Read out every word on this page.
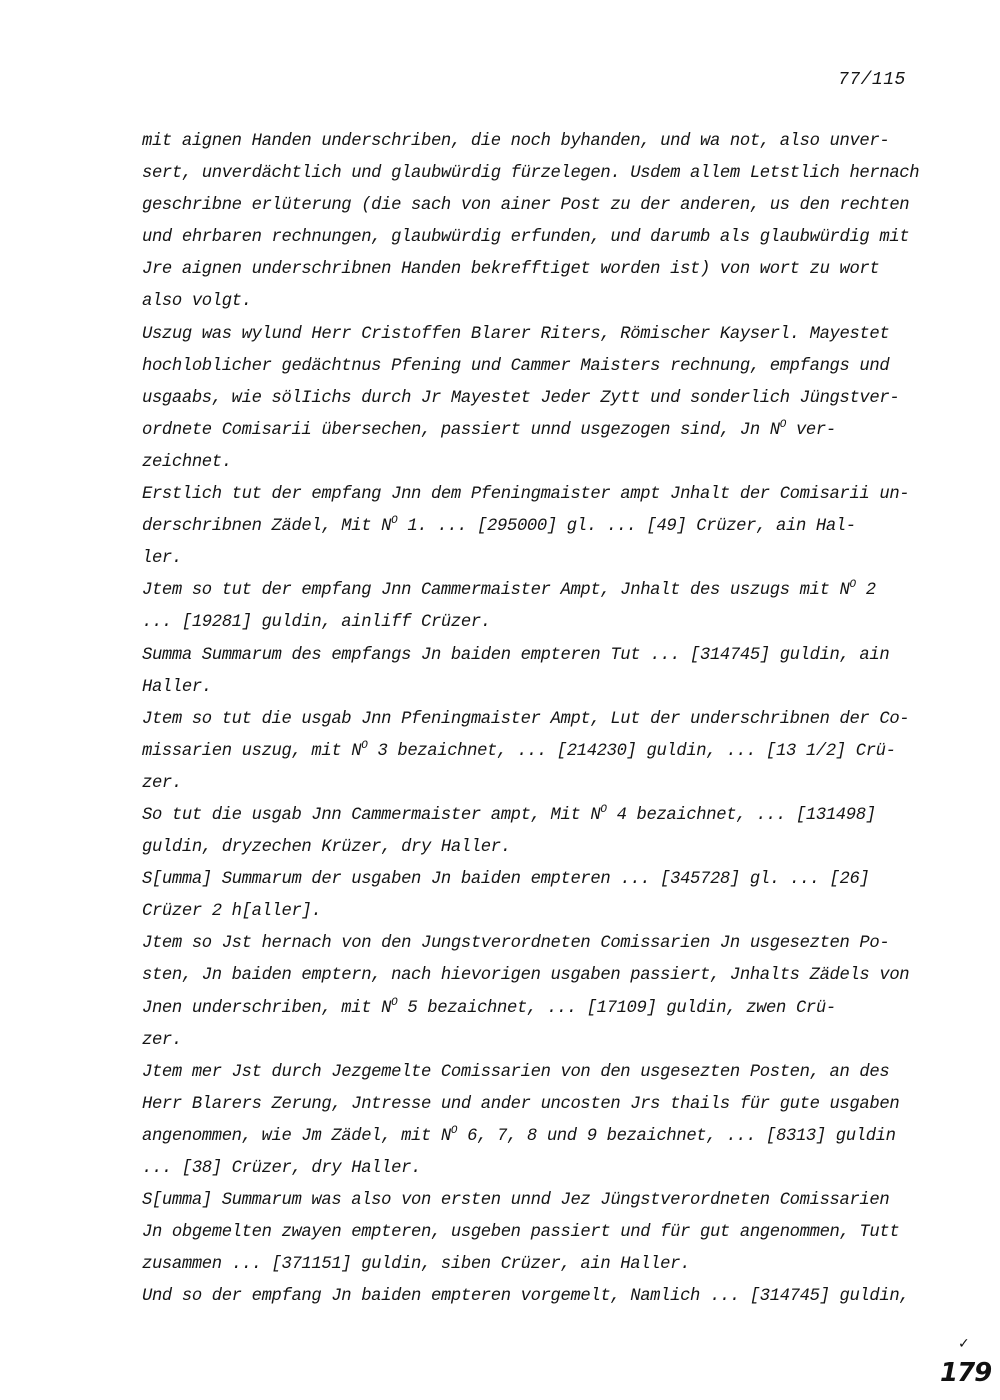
77/115
mit aignen Handen underschriben, die noch byhanden, und wa not, also unver-
sert, unverdächtlich und glaubwürdig fürzelegen. Usdem allem Letstlich hernach
geschribne erlüterung (die sach von ainer Post zu der anderen, us den rechten
und ehrbaren rechnungen, glaubwürdig erfunden, und darumb als glaubwürdig mit
Jre aignen underschribnen Handen bekrefftiget worden ist) von wort zu wort
also volgt.
Uszug was wylund Herr Cristoffen Blarer Riters, Römischer Kayserl. Mayestet
hochloblicher gedächtnus Pfening und Cammer Maisters rechnung, empfangs und
usgaabs, wie sölIichs durch Jr Mayestet Jeder Zytt und sonderlich Jüngstver-
ordnete Comisarii übersechen, passiert unnd usgezogen sind, Jn $N^O$ ver-
zeichnet.
Erstlich tut der empfang Jnn dem Pfeningmaister ampt Jnhalt der Comisarii un-
derschribnen Zädel, Mit $N^O$ 1. ... [295000] gl. ... [49] Crüzer, ain Hal-
ler.
Jtem so tut der empfang Jnn Cammermaister Ampt, Jnhalt des uszugs mit $N^O$ 2
... [19281] guldin, ainliff Crüzer.
Summa Summarum des empfangs Jn baiden empteren Tut ... [314745] guldin, ain
Haller.
Jtem so tut die usgab Jnn Pfeningmaister Ampt, Lut der underschribnen der Co-
missarien uszug, mit $N^O$ 3 bezaichnet, ... [214230] guldin, ... [13 1/2] Crü-
zer.
So tut die usgab Jnn Cammermaister ampt, Mit $N^O$ 4 bezaichnet, ... [131498]
guldin, dryzechen Krüzer, dry Haller.
S[umma] Summarum der usgaben Jn baiden empteren ... [345728] gl. ... [26]
Crüzer 2 h[aller].
Jtem so Jst hernach von den Jungstverordneten Comissarien Jn usgesezten Po-
sten, Jn baiden emptern, nach hievorigen usgaben passiert, Jnhalts Zädels von
Jnen underschriben, mit $N^O$ 5 bezaichnet, ... [17109] guldin, zwen Crü-
zer.
Jtem mer Jst durch Jezgemelte Comissarien von den usgesezten Posten, an des
Herr Blarers Zerung, Jntresse und ander uncosten Jrs thails für gute usgaben
angenommen, wie Jm Zädel, mit $N^O$ 6, 7, 8 und 9 bezaichnet, ... [8313] guldin
... [38] Crüzer, dry Haller.
S[umma] Summarum was also von ersten unnd Jez Jüngstverordneten Comissarien
Jn obgemelten zwayen empteren, usgeben passiert und für gut angenommen, Tutt
zusammen ... [371151] guldin, siben Crüzer, ain Haller.
Und so der empfang Jn baiden empteren vorgemelt, Namlich ... [314745] guldin,
✓
179
